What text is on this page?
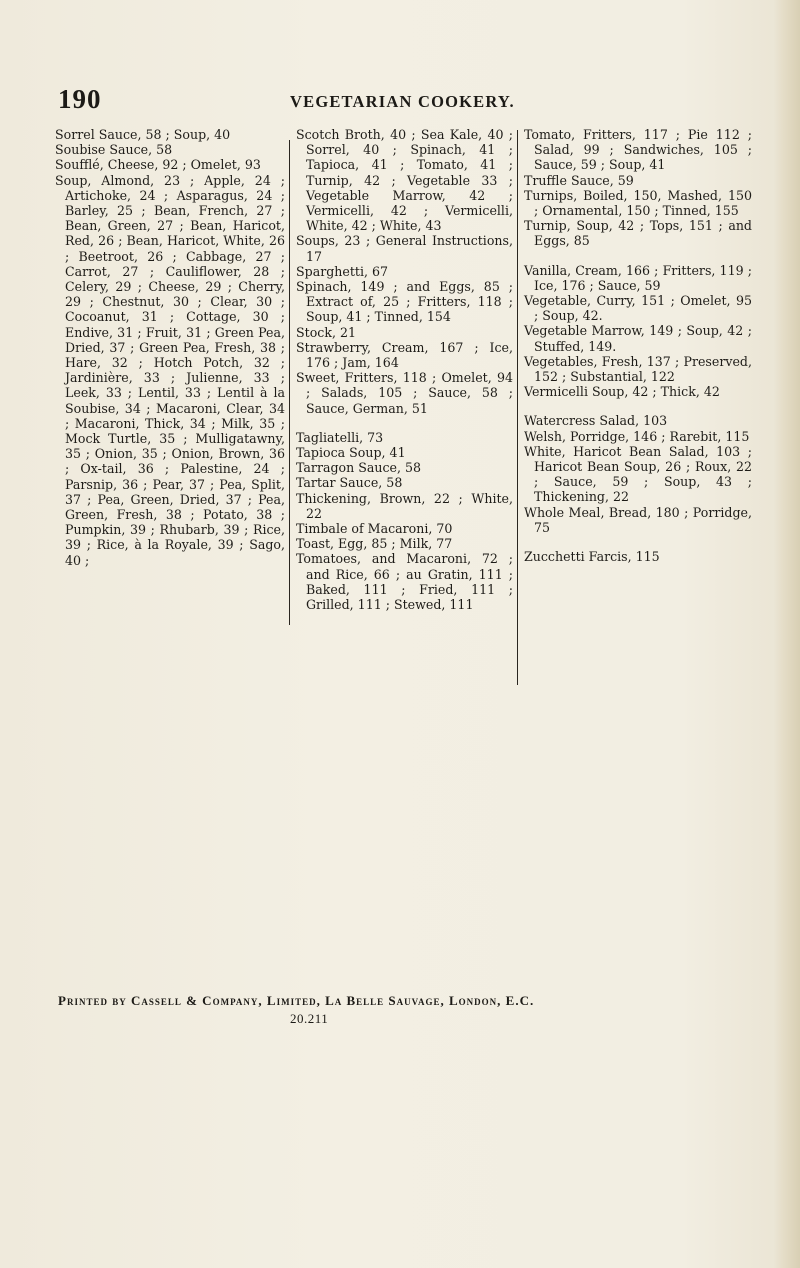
190	VEGETARIAN COOKERY.
Sorrel Sauce, 58 ; Soup, 40
Soubise Sauce, 58
Soufflé, Cheese, 92 ; Omelet, 93
Soup, Almond, 23 ; Apple, 24 ; Artichoke, 24 ; Asparagus, 24 ; Barley, 25 ; Bean, French, 27 ; Bean, Green, 27 ; Bean, Haricot, Red, 26 ; Bean, Haricot, White, 26 ; Beetroot, 26 ; Cabbage, 27 ; Carrot, 27 ; Cauliflower, 28 ; Celery, 29 ; Cheese, 29 ; Cherry, 29 ; Chestnut, 30 ; Clear, 30 ; Cocoanut, 31 ; Cottage, 30 ; Endive, 31 ; Fruit, 31 ; Green Pea, Dried, 37 ; Green Pea, Fresh, 38 ; Hare, 32 ; Hotch Potch, 32 ; Jardinière, 33 ; Julienne, 33 ; Leek, 33 ; Lentil, 33 ; Lentil à la Soubise, 34 ; Macaroni, Clear, 34 ; Macaroni, Thick, 34 ; Milk, 35 ; Mock Turtle, 35 ; Mulligatawny, 35 ; Onion, 35 ; Onion, Brown, 36 ; Ox-tail, 36 ; Palestine, 24 ; Parsnip, 36 ; Pear, 37 ; Pea, Split, 37 ; Pea, Green, Dried, 37 ; Pea, Green, Fresh, 38 ; Potato, 38 ; Pumpkin, 39 ; Rhubarb, 39 ; Rice, 39 ; Rice, à la Royale, 39 ; Sago, 40 ;
Scotch Broth, 40 ; Sea Kale, 40 ; Sorrel, 40 ; Spinach, 41 ; Tapioca, 41 ; Tomato, 41 ; Turnip, 42 ; Vegetable 33 ; Vegetable Marrow, 42 ; Vermicelli, 42 ; Vermicelli, White, 42 ; White, 43
Soups, 23 ; General Instructions, 17
Sparghetti, 67
Spinach, 149 ; and Eggs, 85 ; Extract of, 25 ; Fritters, 118 ; Soup, 41 ; Tinned, 154
Stock, 21
Strawberry, Cream, 167 ; Ice, 176 ; Jam, 164
Sweet, Fritters, 118 ; Omelet, 94 ; Salads, 105 ; Sauce, 58 ; Sauce, German, 51
Tagliatelli, 73
Tapioca Soup, 41
Tarragon Sauce, 58
Tartar Sauce, 58
Thickening, Brown, 22 ; White, 22
Timbale of Macaroni, 70
Toast, Egg, 85 ; Milk, 77
Tomatoes, and Macaroni, 72 ; and Rice, 66 ; au Gratin, 111 ; Baked, 111 ; Fried, 111 ; Grilled, 111 ; Stewed, 111
Tomato, Fritters, 117 ; Pie 112 ; Salad, 99 ; Sandwiches, 105 ; Sauce, 59 ; Soup, 41
Truffle Sauce, 59
Turnips, Boiled, 150, Mashed, 150 ; Ornamental, 150 ; Tinned, 155
Turnip, Soup, 42 ; Tops, 151 ; and Eggs, 85
Vanilla, Cream, 166 ; Fritters, 119 ; Ice, 176 ; Sauce, 59
Vegetable, Curry, 151 ; Omelet, 95 ; Soup, 42.
Vegetable Marrow, 149 ; Soup, 42 ; Stuffed, 149.
Vegetables, Fresh, 137 ; Preserved, 152 ; Substantial, 122
Vermicelli Soup, 42 ; Thick, 42
Watercress Salad, 103
Welsh, Porridge, 146 ; Rarebit, 115
White, Haricot Bean Salad, 103 ; Haricot Bean Soup, 26 ; Roux, 22 ; Sauce, 59 ; Soup, 43 ; Thickening, 22
Whole Meal, Bread, 180 ; Porridge, 75
Zucchetti Farcis, 115
Printed by Cassell & Company, Limited, La Belle Sauvage, London, E.C.
20.211
